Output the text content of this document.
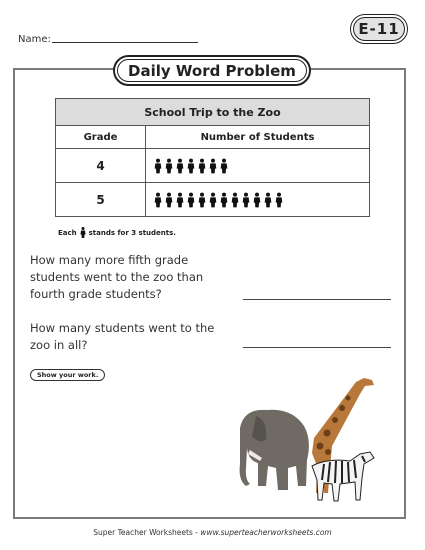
Name:
E-11
Daily Word Problem
School Trip to the Zoo	
Grade	Number of Students
4	

5	
Each stands for 3 students.
How many more fifth grade students went to the zoo than fourth grade students?
How many students went to the zoo in all?
Show your work.
Super Teacher Worksheets - www.superteacherworksheets.com
